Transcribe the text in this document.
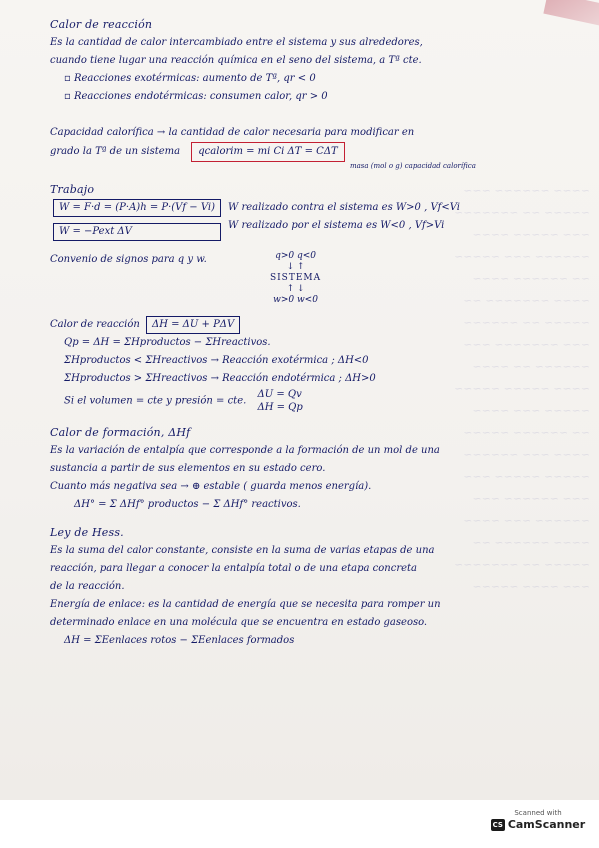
~~~~ ~~~~~~ ~~~
~~~~~ ~~ ~~~~~~~
~~~ ~~~~~ ~~~~
~~~~~~ ~~~ ~~~~~
~~ ~~~~~~ ~~~~
~~~~ ~~~~~~~ ~~
~~~~~ ~~ ~~~~~~
~~~ ~~~~~~~ ~~~
~~~~~~ ~~ ~~~~
~~~~ ~~~~~ ~~~~~
~~~~~ ~~~ ~~~~
~~ ~~~~~~ ~~~~~
~~~~ ~~~ ~~~~~~
~~~~~ ~~~~~ ~~~
~~~ ~~~~~~ ~~~
~~~~~~ ~~~ ~~~~
~~~~ ~~~~~~ ~~
~~~~~ ~~ ~~~~~~~
~~~ ~~~~ ~~~~~
Calor de reacción
Es la cantidad de calor intercambiado entre el sistema y sus alrededores,
cuando tiene lugar una reacción química en el seno del sistema, a Tª cte.
▫ Reacciones exotérmicas: aumento de Tª, qr < 0
▫ Reacciones endotérmicas: consumen calor, qr > 0
Capacidad calorífica → la cantidad de calor necesaria para modificar en
grado la Tª de un sistema qcalorim = mi Ci ΔT = CΔT
masa (mol o g) capacidad calorífica
Trabajo
W = F·d = (P·A)h = P·(Vf − Vi)
W = −Pext ΔV
W realizado contra el sistema es W>0 , Vf<Vi
W realizado por el sistema es W<0 , Vf>Vi
Convenio de signos para q y w.	q>0 q<0
↓ ↑
SISTEMA
↑ ↓
w>0 w<0
Calor de reacción ΔH = ΔU + PΔV
Qp = ΔH = ΣHproductos − ΣHreactivos.
ΣHproductos < ΣHreactivos → Reacción exotérmica ; ΔH<0
ΣHproductos > ΣHreactivos → Reacción endotérmica ; ΔH>0
Si el volumen = cte y presión = cte.
ΔU = Qv
ΔH = Qp
Calor de formación, ΔHf
Es la variación de entalpía que corresponde a la formación de un mol de una
sustancia a partir de sus elementos en su estado cero.
Cuanto más negativa sea → ⊕ estable ( guarda menos energía).
ΔH° = Σ ΔHf° productos − Σ ΔHf° reactivos.
Ley de Hess.
Es la suma del calor constante, consiste en la suma de varias etapas de una
reacción, para llegar a conocer la entalpía total o de una etapa concreta
de la reacción.
Energía de enlace: es la cantidad de energía que se necesita para romper un
determinado enlace en una molécula que se encuentra en estado gaseoso.
ΔH = ΣEenlaces rotos − ΣEenlaces formados
Scanned with
CS CamScanner
